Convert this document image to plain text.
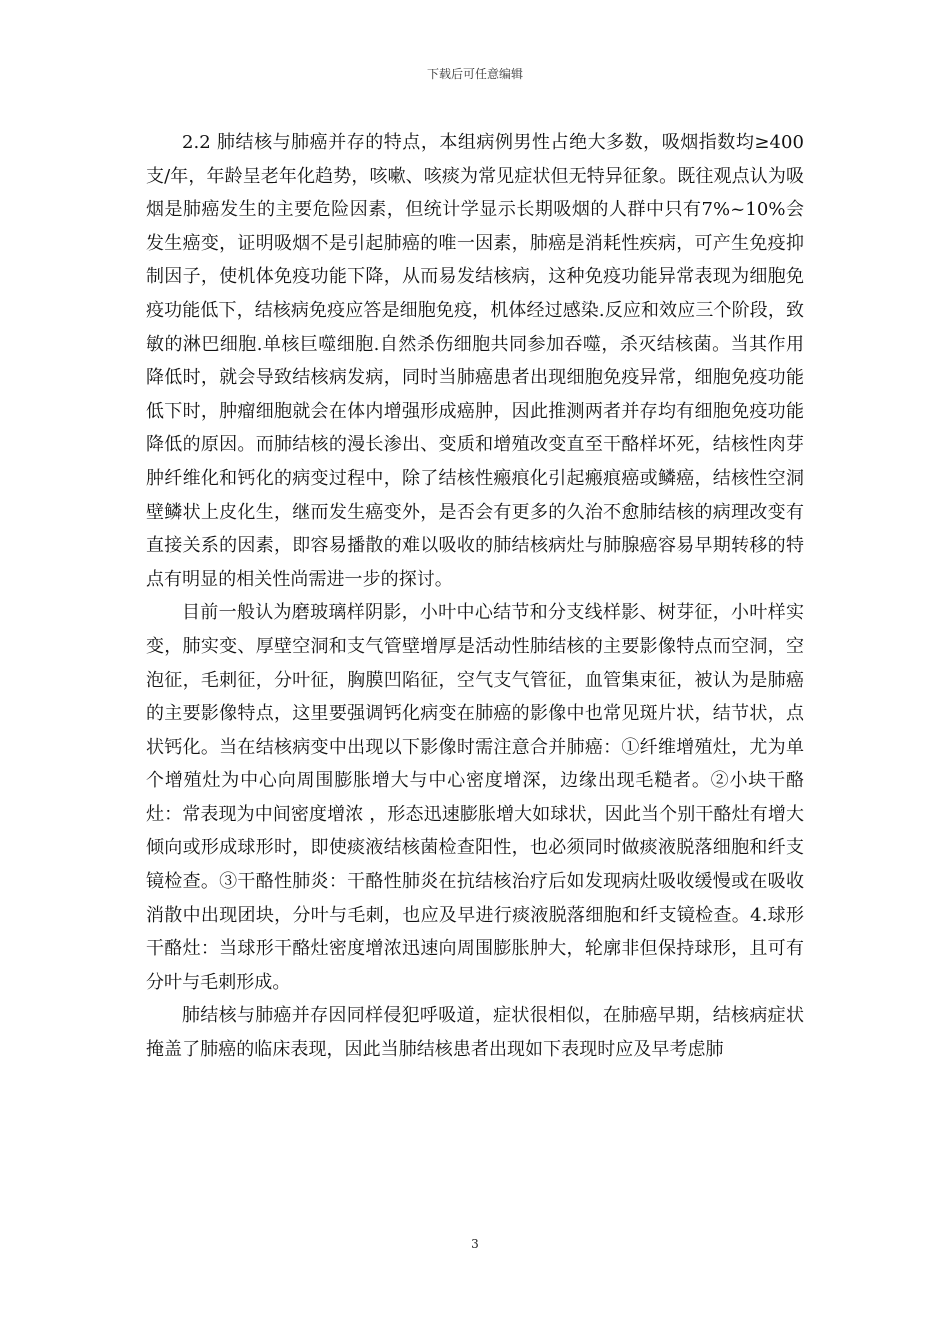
下载后可任意编辑

2.2 肺结核与肺癌并存的特点，本组病例男性占绝大多数，吸烟指数均≥400支/年，年龄呈老年化趋势，咳嗽、咳痰为常见症状但无特异征象。既往观点认为吸烟是肺癌发生的主要危险因素，但统计学显示长期吸烟的人群中只有7%~10%会发生癌变，证明吸烟不是引起肺癌的唯一因素，肺癌是消耗性疾病，可产生免疫抑制因子，使机体免疫功能下降，从而易发结核病，这种免疫功能异常表现为细胞免疫功能低下，结核病免疫应答是细胞免疫，机体经过感染.反应和效应三个阶段，致敏的淋巴细胞.单核巨噬细胞.自然杀伤细胞共同参加吞噬，杀灭结核菌。当其作用降低时，就会导致结核病发病，同时当肺癌患者出现细胞免疫异常，细胞免疫功能低下时，肿瘤细胞就会在体内增强形成癌肿，因此推测两者并存均有细胞免疫功能降低的原因。而肺结核的漫长渗出、变质和增殖改变直至干酪样坏死，结核性肉芽肿纤维化和钙化的病变过程中，除了结核性瘢痕化引起瘢痕癌或鳞癌，结核性空洞壁鳞状上皮化生，继而发生癌变外，是否会有更多的久治不愈肺结核的病理改变有直接关系的因素，即容易播散的难以吸收的肺结核病灶与肺腺癌容易早期转移的特点有明显的相关性尚需进一步的探讨。

目前一般认为磨玻璃样阴影，小叶中心结节和分支线样影、树芽征，小叶样实变，肺实变、厚壁空洞和支气管壁增厚是活动性肺结核的主要影像特点而空洞，空泡征，毛刺征，分叶征，胸膜凹陷征，空气支气管征，血管集束征，被认为是肺癌的主要影像特点，这里要强调钙化病变在肺癌的影像中也常见斑片状，结节状，点状钙化。当在结核病变中出现以下影像时需注意合并肺癌：①纤维增殖灶，尤为单个增殖灶为中心向周围膨胀增大与中心密度增深，边缘出现毛糙者。②小块干酪灶：常表现为中间密度增浓 ，形态迅速膨胀增大如球状，因此当个别干酪灶有增大倾向或形成球形时，即使痰液结核菌检查阳性，也必须同时做痰液脱落细胞和纤支镜检查。③干酪性肺炎：干酪性肺炎在抗结核治疗后如发现病灶吸收缓慢或在吸收消散中出现团块，分叶与毛刺，也应及早进行痰液脱落细胞和纤支镜检查。4.球形干酪灶：当球形干酪灶密度增浓迅速向周围膨胀肿大，轮廓非但保持球形，且可有分叶与毛刺形成。

肺结核与肺癌并存因同样侵犯呼吸道，症状很相似，在肺癌早期，结核病症状掩盖了肺癌的临床表现，因此当肺结核患者出现如下表现时应及早考虑肺

3
